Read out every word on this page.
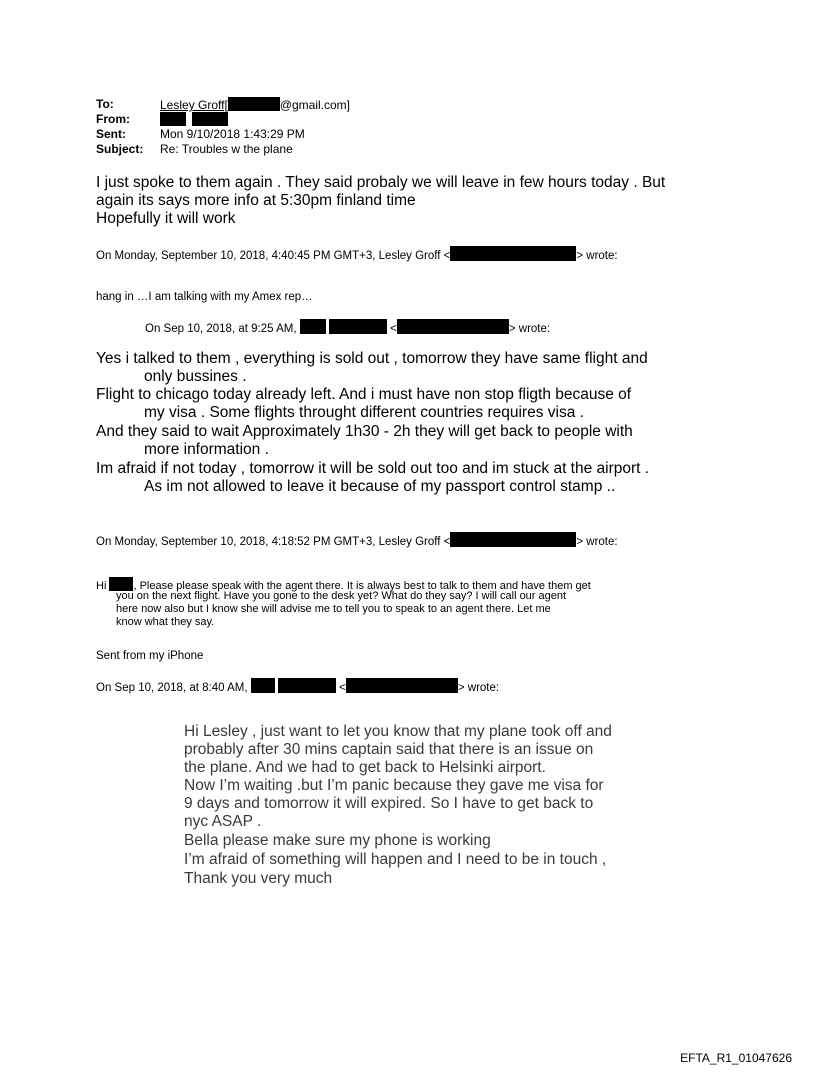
To:	Lesley Groff[	@gmail.com]
From:

Sent:	Mon 9/10/2018 1:43:29 PM
Subject: Re: Troubles w the plane
I just spoke to them again . They said probaly we will leave in few hours today . But
again its says more info at 5:30pm finland time
Hopefully it will work
On Monday, September 10, 2018, 4:40:45 PM GMT+3, Lesley Groff <	> wrote:
hang in …I am talking with my Amex rep…
On Sep 10, 2018, at 9:25 AM,	<	> wrote:
Yes i talked to them , everything is sold out , tomorrow they have same flight and
only bussines .
Flight to chicago today already left. And i must have non stop fligth because of
my visa . Some flights throught different countries requires visa .
And they said to wait Approximately 1h30 - 2h they will get back to people with
more information .
Im afraid if not today , tomorrow it will be sold out too and im stuck at the airport .
As im not allowed to leave it because of my passport control stamp ..
On Monday, September 10, 2018, 4:18:52 PM GMT+3, Lesley Groff <	> wrote:
Hi , Please please speak with the agent there. It is always best to talk to them and have them get
you on the next flight. Have you gone to the desk yet? What do they say? I will call our agent
here now also but I know she will advise me to tell you to speak to an agent there. Let me
know what they say.
Sent from my iPhone
On Sep 10, 2018, at 8:40 AM,	<	> wrote:
Hi Lesley , just want to let you know that my plane took off and
probably after 30 mins captain said that there is an issue on
the plane. And we had to get back to Helsinki airport.
Now I’m waiting .but I’m panic because they gave me visa for
9 days and tomorrow it will expired. So I have to get back to
nyc ASAP .
Bella please make sure my phone is working
I’m afraid of something will happen and I need to be in touch ,
Thank you very much
EFTA_R1_01047626
